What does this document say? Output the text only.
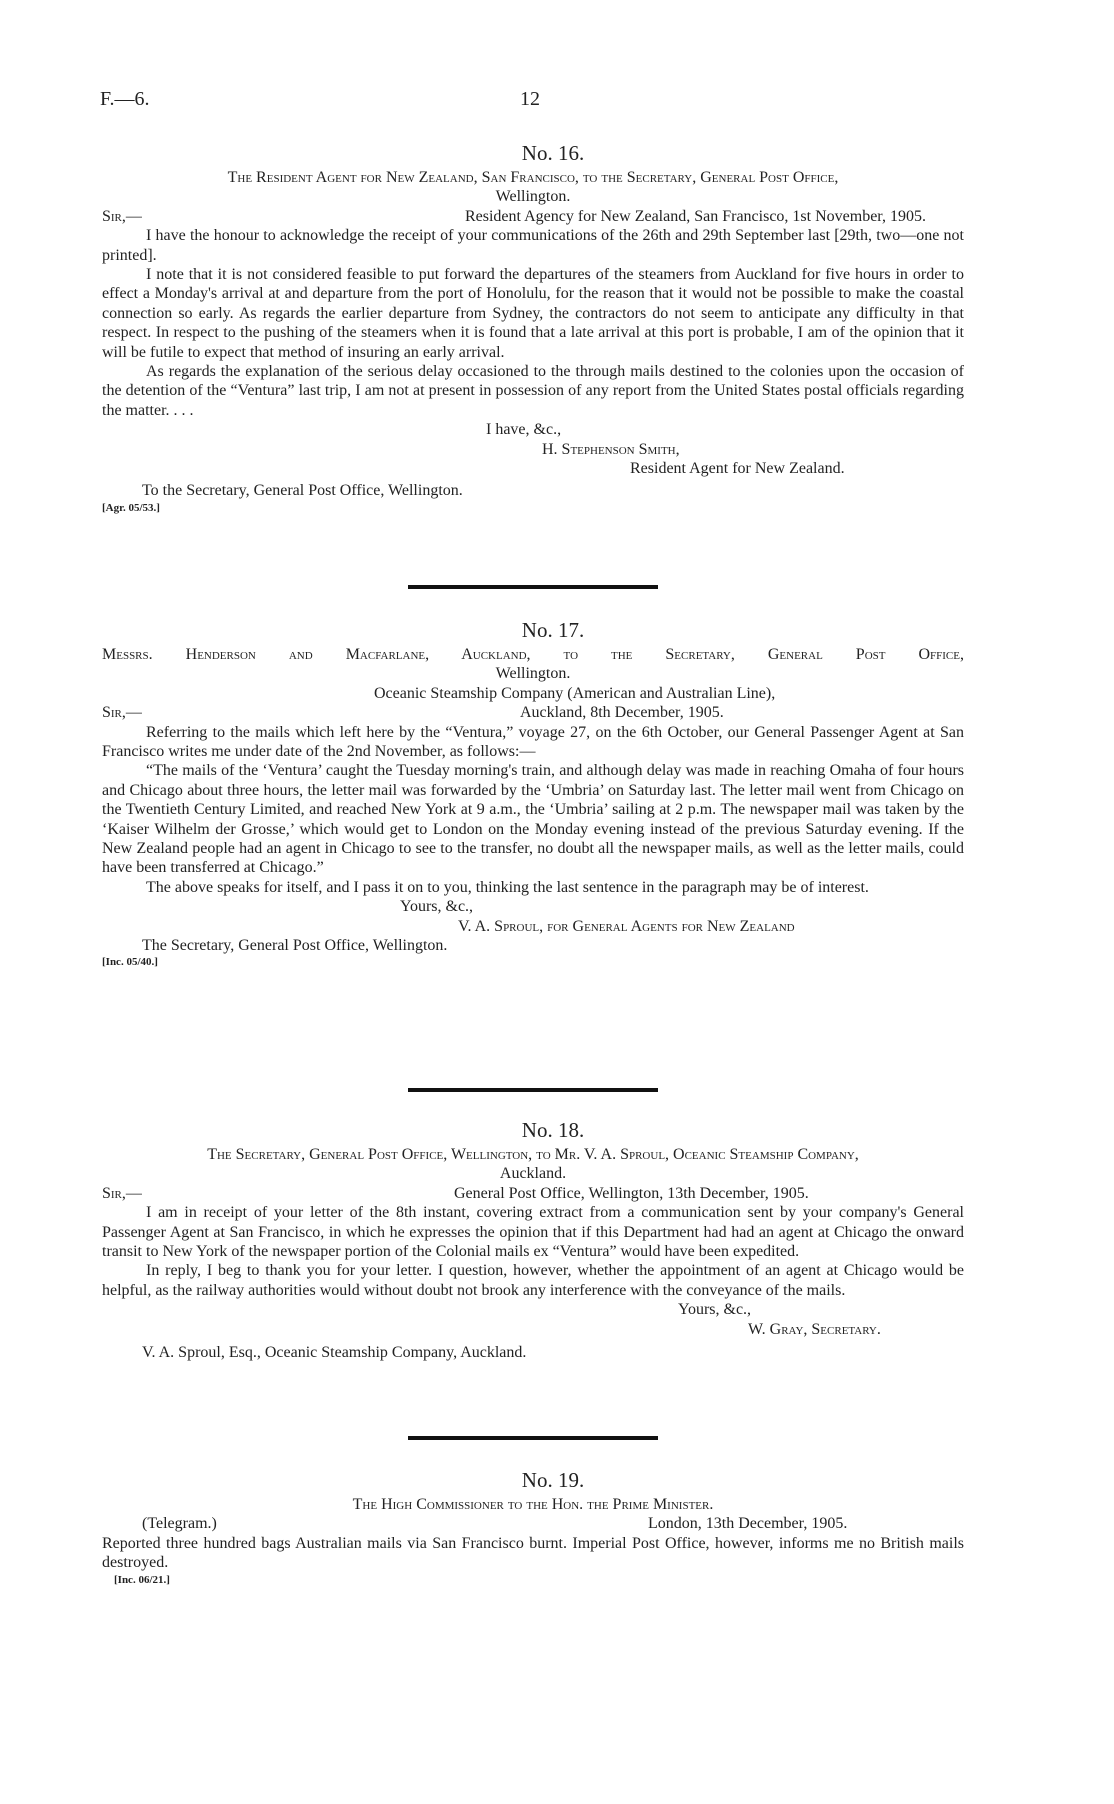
F.—6.	12
No. 16.
The Resident Agent for New Zealand, San Francisco, to the Secretary, General Post Office,
Wellington.
Sir,—	Resident Agency for New Zealand, San Francisco, 1st November, 1905.

I have the honour to acknowledge the receipt of your communications of the 26th and 29th September last [29th, two—one not printed].

I note that it is not considered feasible to put forward the departures of the steamers from Auckland for five hours in order to effect a Monday's arrival at and departure from the port of Honolulu, for the reason that it would not be possible to make the coastal connection so early. As regards the earlier departure from Sydney, the contractors do not seem to anticipate any difficulty in that respect. In respect to the pushing of the steamers when it is found that a late arrival at this port is probable, I am of the opinion that it will be futile to expect that method of insuring an early arrival.

As regards the explanation of the serious delay occasioned to the through mails destined to the colonies upon the occasion of the detention of the “Ventura” last trip, I am not at present in possession of any report from the United States postal officials regarding the matter. . . .

I have, &c.,
H. Stephenson Smith,
Resident Agent for New Zealand.
To the Secretary, General Post Office, Wellington.
[Agr. 05/53.]
No. 17.
Messrs. Henderson and Macfarlane, Auckland, to the Secretary, General Post Office,
Wellington.
Oceanic Steamship Company (American and Australian Line),
Sir,—	Auckland, 8th December, 1905.

Referring to the mails which left here by the “Ventura,” voyage 27, on the 6th October, our General Passenger Agent at San Francisco writes me under date of the 2nd November, as follows:—

“The mails of the ‘Ventura’ caught the Tuesday morning's train, and although delay was made in reaching Omaha of four hours and Chicago about three hours, the letter mail was forwarded by the ‘Umbria’ on Saturday last. The letter mail went from Chicago on the Twentieth Century Limited, and reached New York at 9 a.m., the ‘Umbria’ sailing at 2 p.m. The newspaper mail was taken by the ‘Kaiser Wilhelm der Grosse,’ which would get to London on the Monday evening instead of the previous Saturday evening. If the New Zealand people had an agent in Chicago to see to the transfer, no doubt all the newspaper mails, as well as the letter mails, could have been transferred at Chicago.”

The above speaks for itself, and I pass it on to you, thinking the last sentence in the paragraph may be of interest.

Yours, &c.,
V. A. Sproul, for General Agents for New Zealand
The Secretary, General Post Office, Wellington.
[Inc. 05/40.]
No. 18.
The Secretary, General Post Office, Wellington, to Mr. V. A. Sproul, Oceanic Steamship Company,
Auckland.
Sir,—	General Post Office, Wellington, 13th December, 1905.

I am in receipt of your letter of the 8th instant, covering extract from a communication sent by your company's General Passenger Agent at San Francisco, in which he expresses the opinion that if this Department had had an agent at Chicago the onward transit to New York of the newspaper portion of the Colonial mails ex “Ventura” would have been expedited.

In reply, I beg to thank you for your letter. I question, however, whether the appointment of an agent at Chicago would be helpful, as the railway authorities would without doubt not brook any interference with the conveyance of the mails.

Yours, &c.,
W. Gray, Secretary.
V. A. Sproul, Esq., Oceanic Steamship Company, Auckland.
No. 19.
The High Commissioner to the Hon. the Prime Minister.
(Telegram.)	London, 13th December, 1905.

Reported three hundred bags Australian mails via San Francisco burnt. Imperial Post Office, however, informs me no British mails destroyed.

[Inc. 06/21.]
